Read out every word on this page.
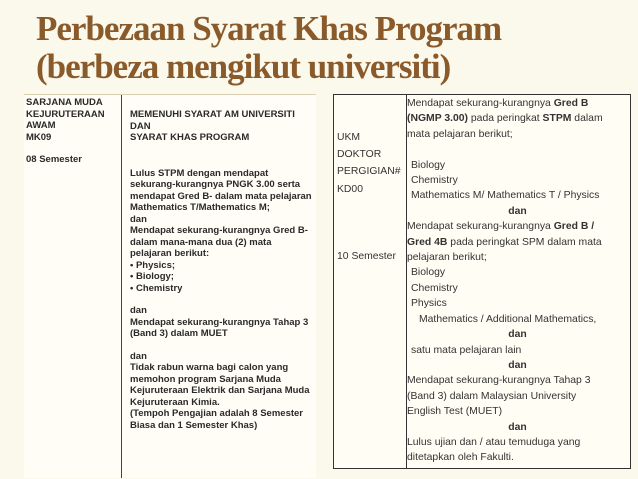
Perbezaan Syarat Khas Program (berbeza mengikut universiti)
SARJANA MUDA
KEJURUTERAAN
AWAM
MK09
08 Semester
MEMENUHI SYARAT AM UNIVERSITI
DAN
SYARAT KHAS PROGRAM
Lulus STPM dengan mendapat
sekurang-kurangnya PNGK 3.00 serta
mendapat Gred B- dalam mata pelajaran
Mathematics T/Mathematics M;
dan
Mendapat sekurang-kurangnya Gred B-
dalam mana-mana dua (2) mata
pelajaran berikut:
• Physics;
• Biology;
• Chemistry
dan
Mendapat sekurang-kurangnya Tahap 3
(Band 3) dalam MUET
dan
Tidak rabun warna bagi calon yang
memohon program Sarjana Muda
Kejuruteraan Elektrik dan Sarjana Muda
Kejuruteraan Kimia.
(Tempoh Pengajian adalah 8 Semester
Biasa dan 1 Semester Khas)
UKM
DOKTOR
PERGIGIAN#
KD00
10 Semester
Mendapat sekurang-kurangnya Gred B
(NGMP 3.00) pada peringkat STPM dalam
mata pelajaran berikut;

Biology
Chemistry
Mathematics M/ Mathematics T / Physics
dan
Mendapat sekurang-kurangnya Gred B /
Gred 4B pada peringkat SPM dalam mata
pelajaran berikut;
Biology
Chemistry
Physics
Mathematics / Additional Mathematics,
dan
satu mata pelajaran lain
dan
Mendapat sekurang-kurangnya Tahap 3
(Band 3) dalam Malaysian University
English Test (MUET)
dan
Lulus ujian dan / atau temuduga yang
ditetapkan oleh Fakulti.
